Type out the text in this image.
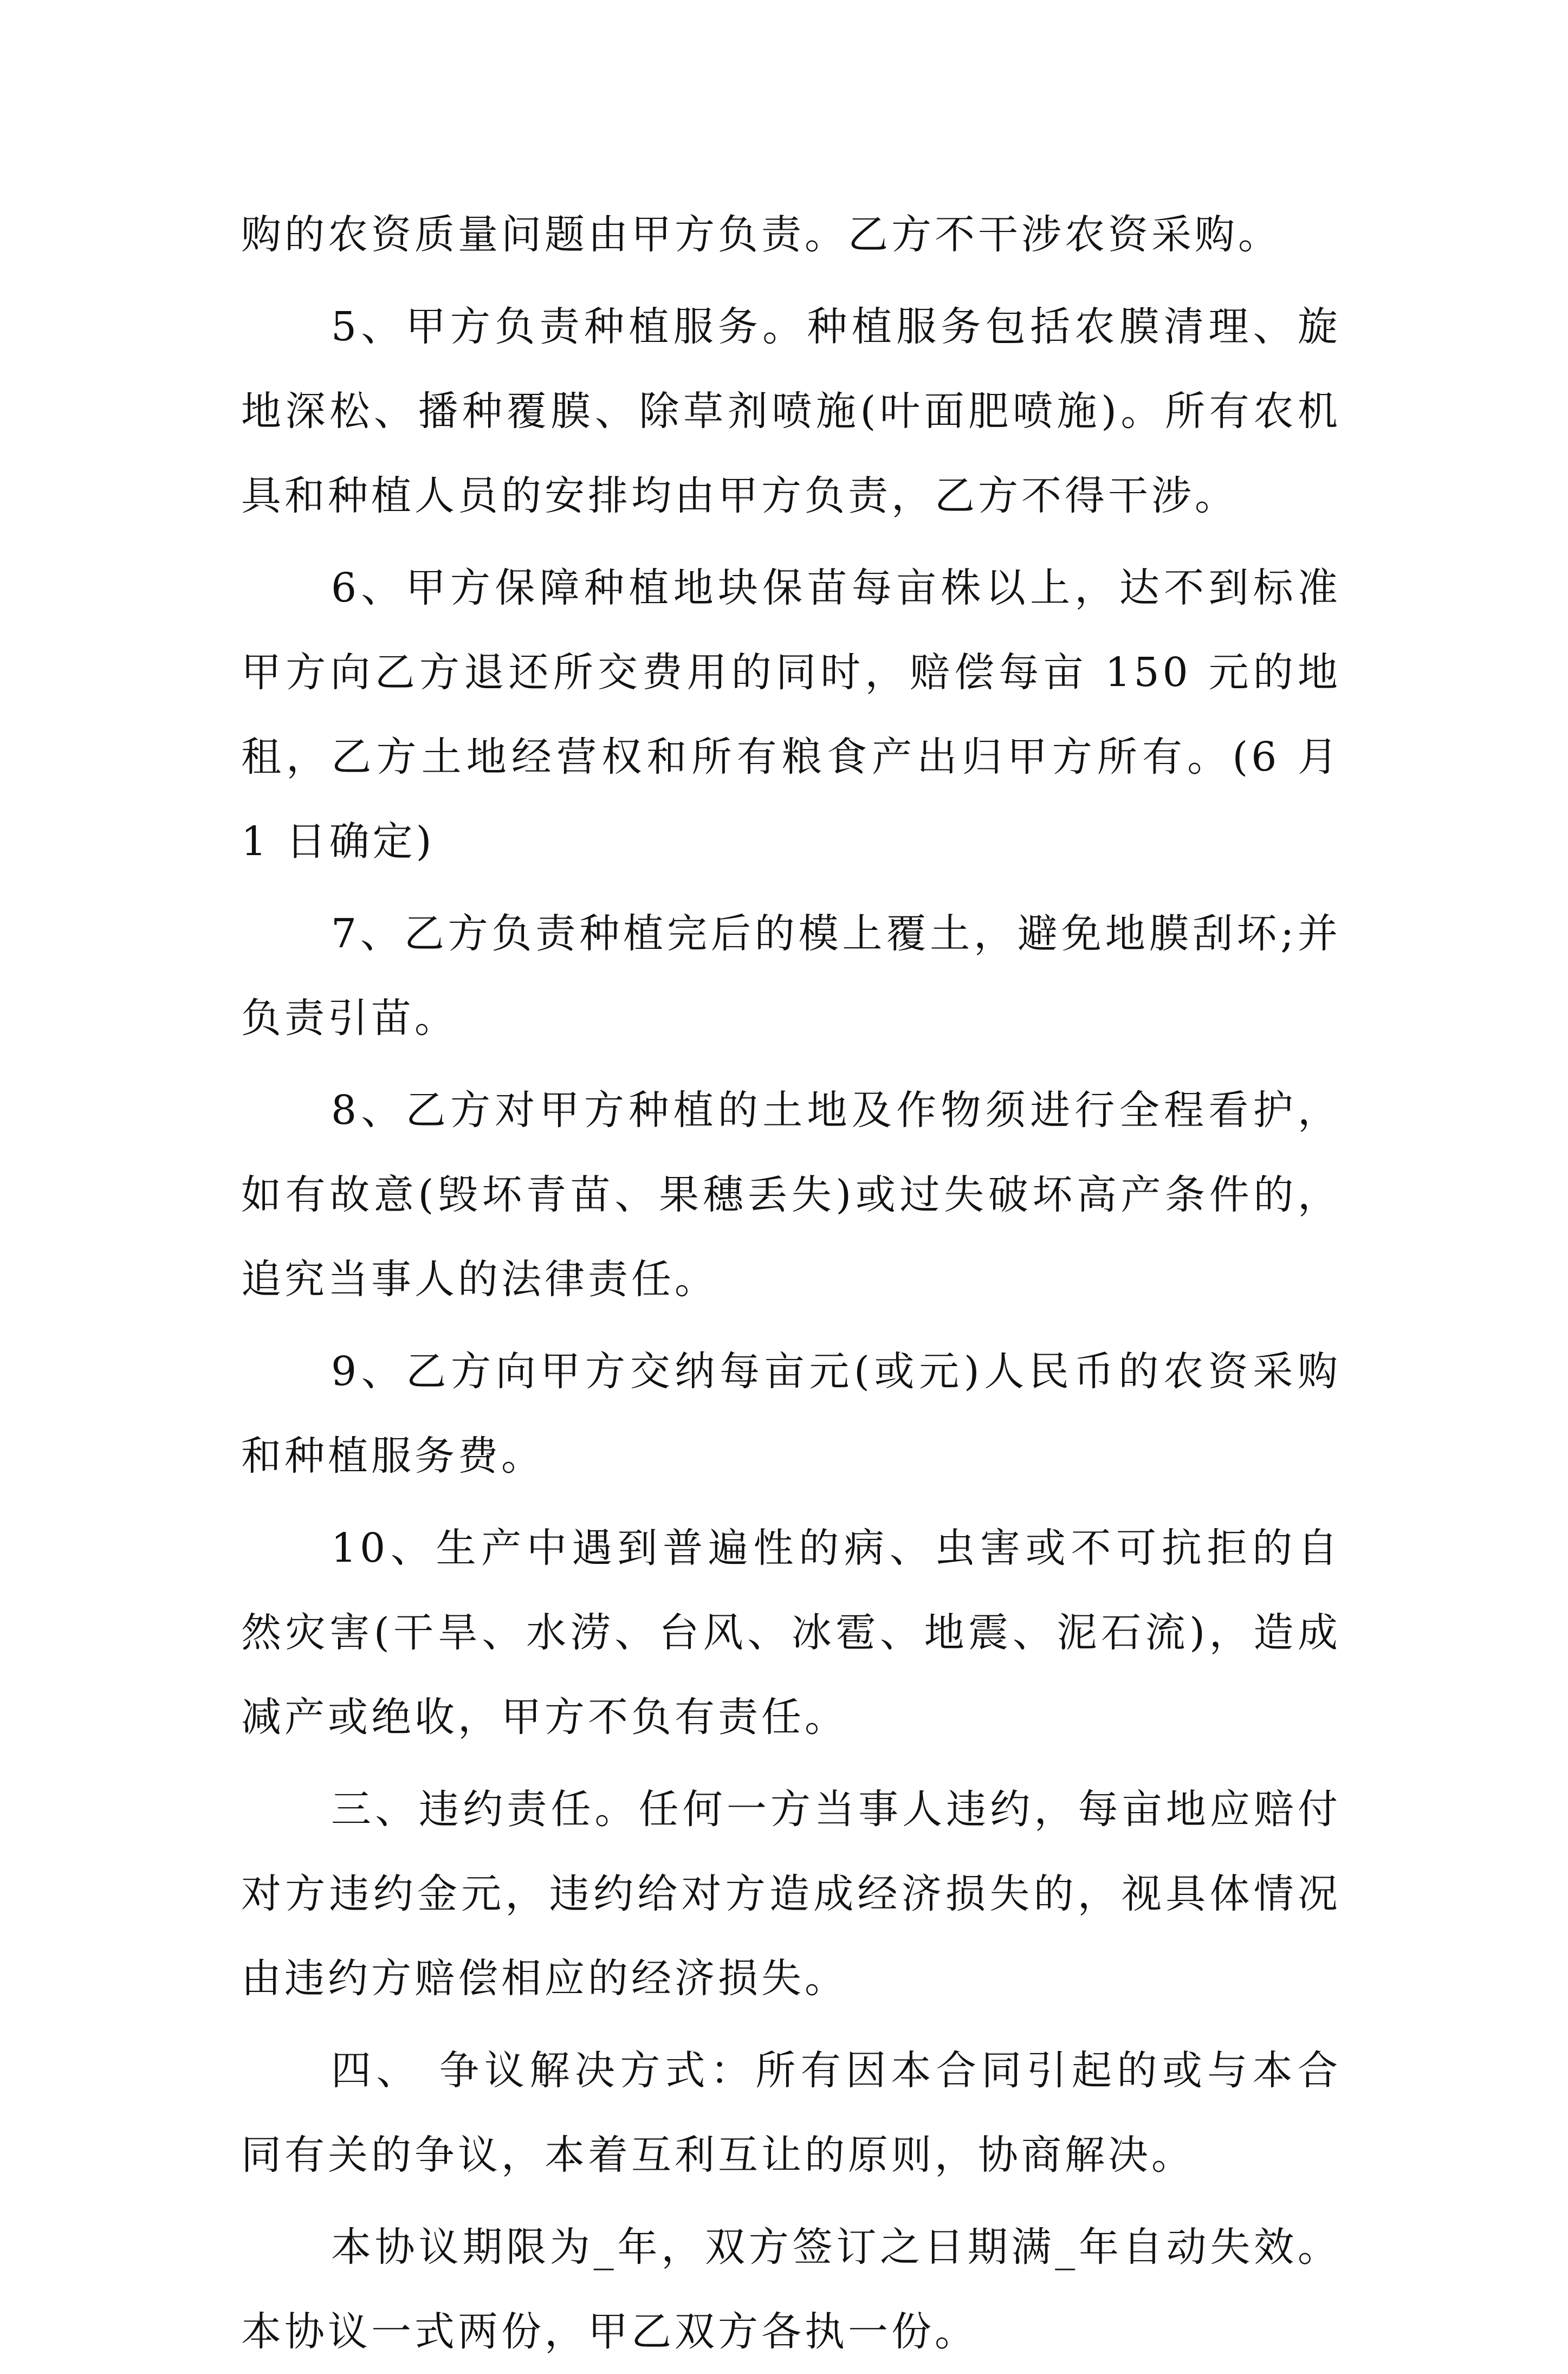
购的农资质量问题由甲方负责。乙方不干涉农资采购。

5、甲方负责种植服务。种植服务包括农膜清理、旋地深松、播种覆膜、除草剂喷施(叶面肥喷施)。所有农机具和种植人员的安排均由甲方负责，乙方不得干涉。

6、甲方保障种植地块保苗每亩株以上，达不到标准甲方向乙方退还所交费用的同时，赔偿每亩 150 元的地租，乙方土地经营权和所有粮食产出归甲方所有。(6 月 1 日确定)

7、乙方负责种植完后的模上覆土，避免地膜刮坏;并负责引苗。

8、乙方对甲方种植的土地及作物须进行全程看护，如有故意(毁坏青苗、果穗丢失)或过失破坏高产条件的，追究当事人的法律责任。

9、乙方向甲方交纳每亩元(或元)人民币的农资采购和种植服务费。

10、生产中遇到普遍性的病、虫害或不可抗拒的自然灾害(干旱、水涝、台风、冰雹、地震、泥石流)，造成减产或绝收，甲方不负有责任。

三、违约责任。任何一方当事人违约，每亩地应赔付对方违约金元，违约给对方造成经济损失的，视具体情况由违约方赔偿相应的经济损失。

四、 争议解决方式：所有因本合同引起的或与本合同有关的争议，本着互利互让的原则，协商解决。

本协议期限为_年，双方签订之日期满_年自动失效。本协议一式两份，甲乙双方各执一份。
